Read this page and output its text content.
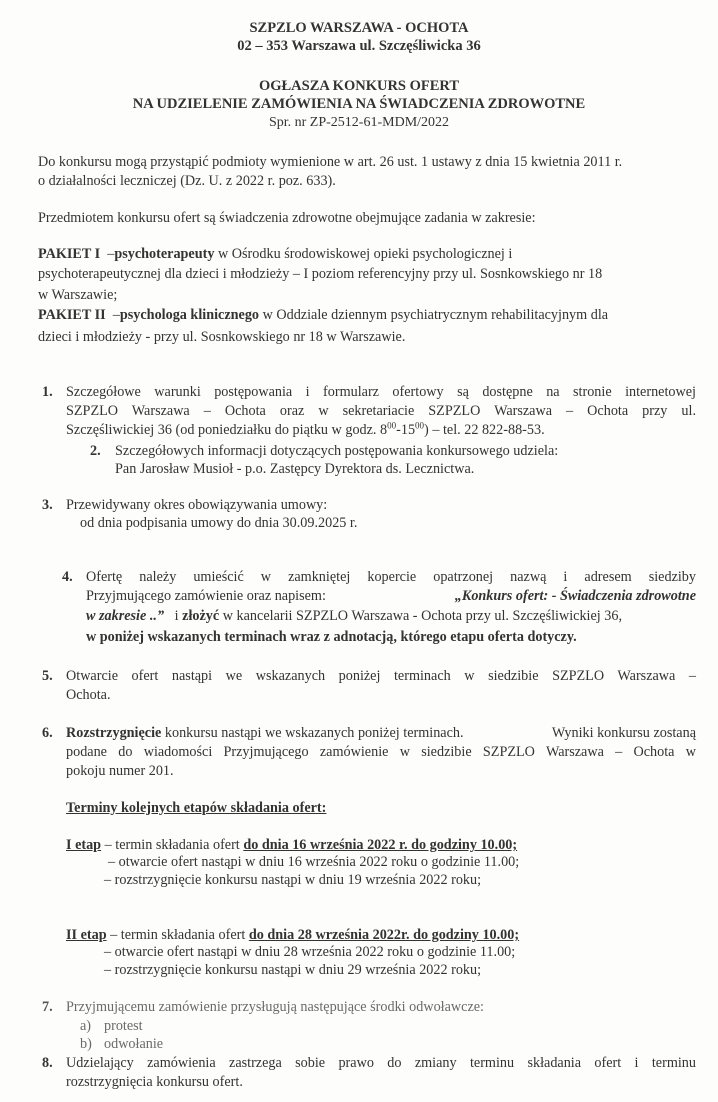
SZPZLO WARSZAWA - OCHOTA

02 – 353 Warszawa ul. Szczęśliwicka 36

OGŁASZA KONKURS OFERT

NA UDZIELENIE ZAMÓWIENIA NA ŚWIADCZENIA ZDROWOTNE

Spr. nr ZP-2512-61-MDM/2022

Do konkursu mogą przystąpić podmioty wymienione w art. 26 ust. 1 ustawy z dnia 15 kwietnia 2011 r.

o działalności leczniczej (Dz. U. z 2022 r. poz. 633).

Przedmiotem konkursu ofert są świadczenia zdrowotne obejmujące zadania w zakresie:

PAKIET I –psychoterapeuty w Ośrodku środowiskowej opieki psychologicznej i

psychoterapeutycznej dla dzieci i młodzieży – I poziom referencyjny przy ul. Sosnkowskiego nr 18

w Warszawie;

PAKIET II –psychologa klinicznego w Oddziale dziennym psychiatrycznym rehabilitacyjnym dla

dzieci i młodzieży - przy ul. Sosnkowskiego nr 18 w Warszawie.

1. Szczegółowe warunki postępowania i formularz ofertowy są dostępne na stronie internetowej

SZPZLO Warszawa – Ochota oraz w sekretariacie SZPZLO Warszawa – Ochota przy ul.

Szczęśliwickiej 36 (od poniedziałku do piątku w godz. $8^{00}-15^{00}$) – tel. 22 822-88-53.

2. Szczegółowych informacji dotyczących postępowania konkursowego udziela:

Pan Jarosław Musioł - p.o. Zastępcy Dyrektora ds. Lecznictwa.

3. Przewidywany okres obowiązywania umowy:

od dnia podpisania umowy do dnia 30.09.2025 r.

4. Ofertę należy umieścić w zamkniętej kopercie opatrzonej nazwą i adresem siedziby

Przyjmującego zamówienie oraz napisem:	„Konkurs ofert: - Świadczenia zdrowotne

w zakresie ..” i złożyć w kancelarii SZPZLO Warszawa - Ochota przy ul. Szczęśliwickiej 36,

w poniżej wskazanych terminach wraz z adnotacją, którego etapu oferta dotyczy.

5. Otwarcie ofert nastąpi we wskazanych poniżej terminach w siedzibie SZPZLO Warszawa –

Ochota.

6. Rozstrzygnięcie konkursu nastąpi we wskazanych poniżej terminach.	Wyniki konkursu zostaną

podane do wiadomości Przyjmującego zamówienie w siedzibie SZPZLO Warszawa – Ochota w

pokoju numer 201.

Terminy kolejnych etapów składania ofert:

I etap – termin składania ofert do dnia 16 września 2022 r. do godziny 10.00;

– otwarcie ofert nastąpi w dniu 16 września 2022 roku o godzinie 11.00;

– rozstrzygnięcie konkursu nastąpi w dniu 19 września 2022 roku;

II etap – termin składania ofert do dnia 28 września 2022r. do godziny 10.00;

– otwarcie ofert nastąpi w dniu 28 września 2022 roku o godzinie 11.00;

– rozstrzygnięcie konkursu nastąpi w dniu 29 września 2022 roku;

7. Przyjmującemu zamówienie przysługują następujące środki odwoławcze:

a) protest

b) odwołanie

8. Udzielający zamówienia zastrzega sobie prawo do zmiany terminu składania ofert i terminu

rozstrzygnięcia konkursu ofert.
